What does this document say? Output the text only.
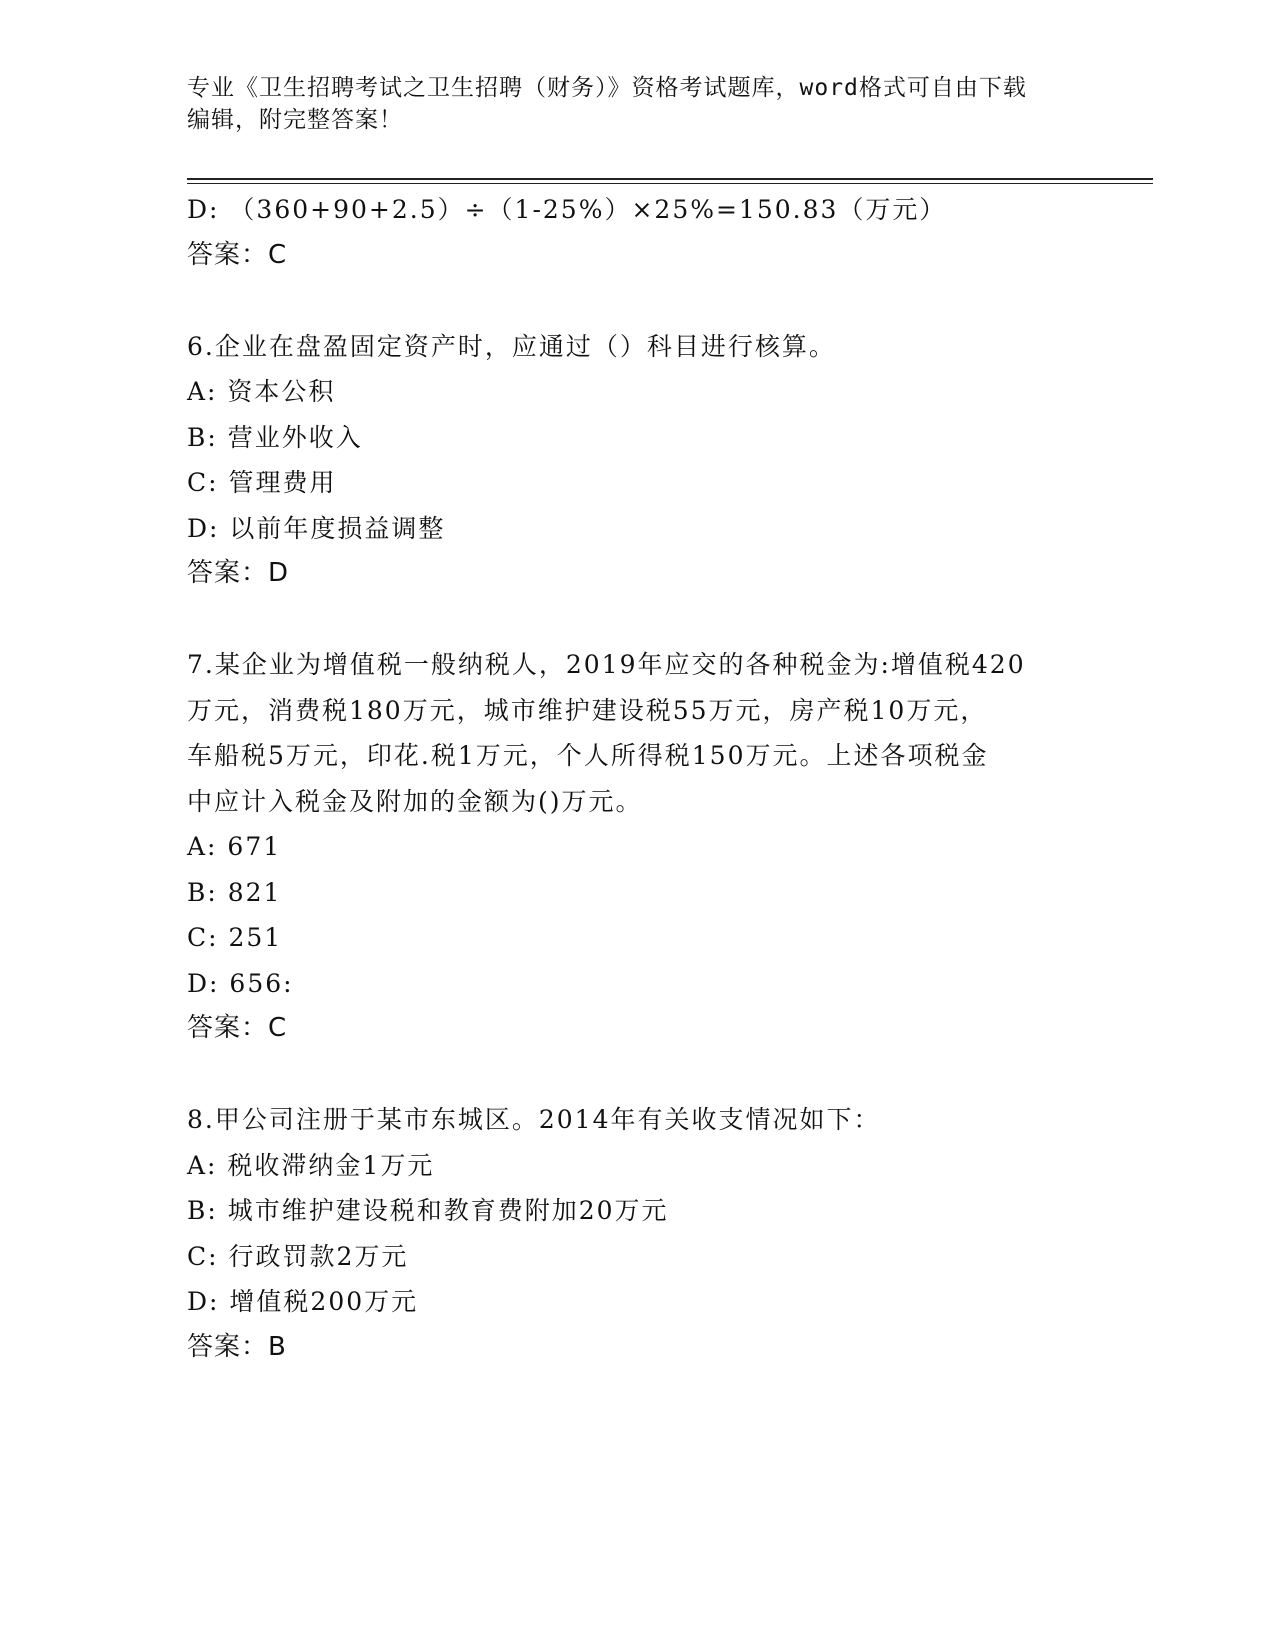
专业《卫生招聘考试之卫生招聘（财务）》资格考试题库，word格式可自由下载
编辑，附完整答案！
D: （360+90+2.5）÷（1-25%）×25%=150.83（万元）
答案：C
6.企业在盘盈固定资产时，应通过（）科目进行核算。
A: 资本公积
B: 营业外收入
C: 管理费用
D: 以前年度损益调整
答案：D
7.某企业为增值税一般纳税人，2019年应交的各种税金为:增值税420
万元，消费税180万元，城市维护建设税55万元，房产税10万元，
车船税5万元，印花.税1万元，个人所得税150万元。上述各项税金
中应计入税金及附加的金额为()万元。
A: 671
B: 821
C: 251
D: 656:
答案：C
8.甲公司注册于某市东城区。2014年有关收支情况如下：
A: 税收滞纳金1万元
B: 城市维护建设税和教育费附加20万元
C: 行政罚款2万元
D: 增值税200万元
答案：B
